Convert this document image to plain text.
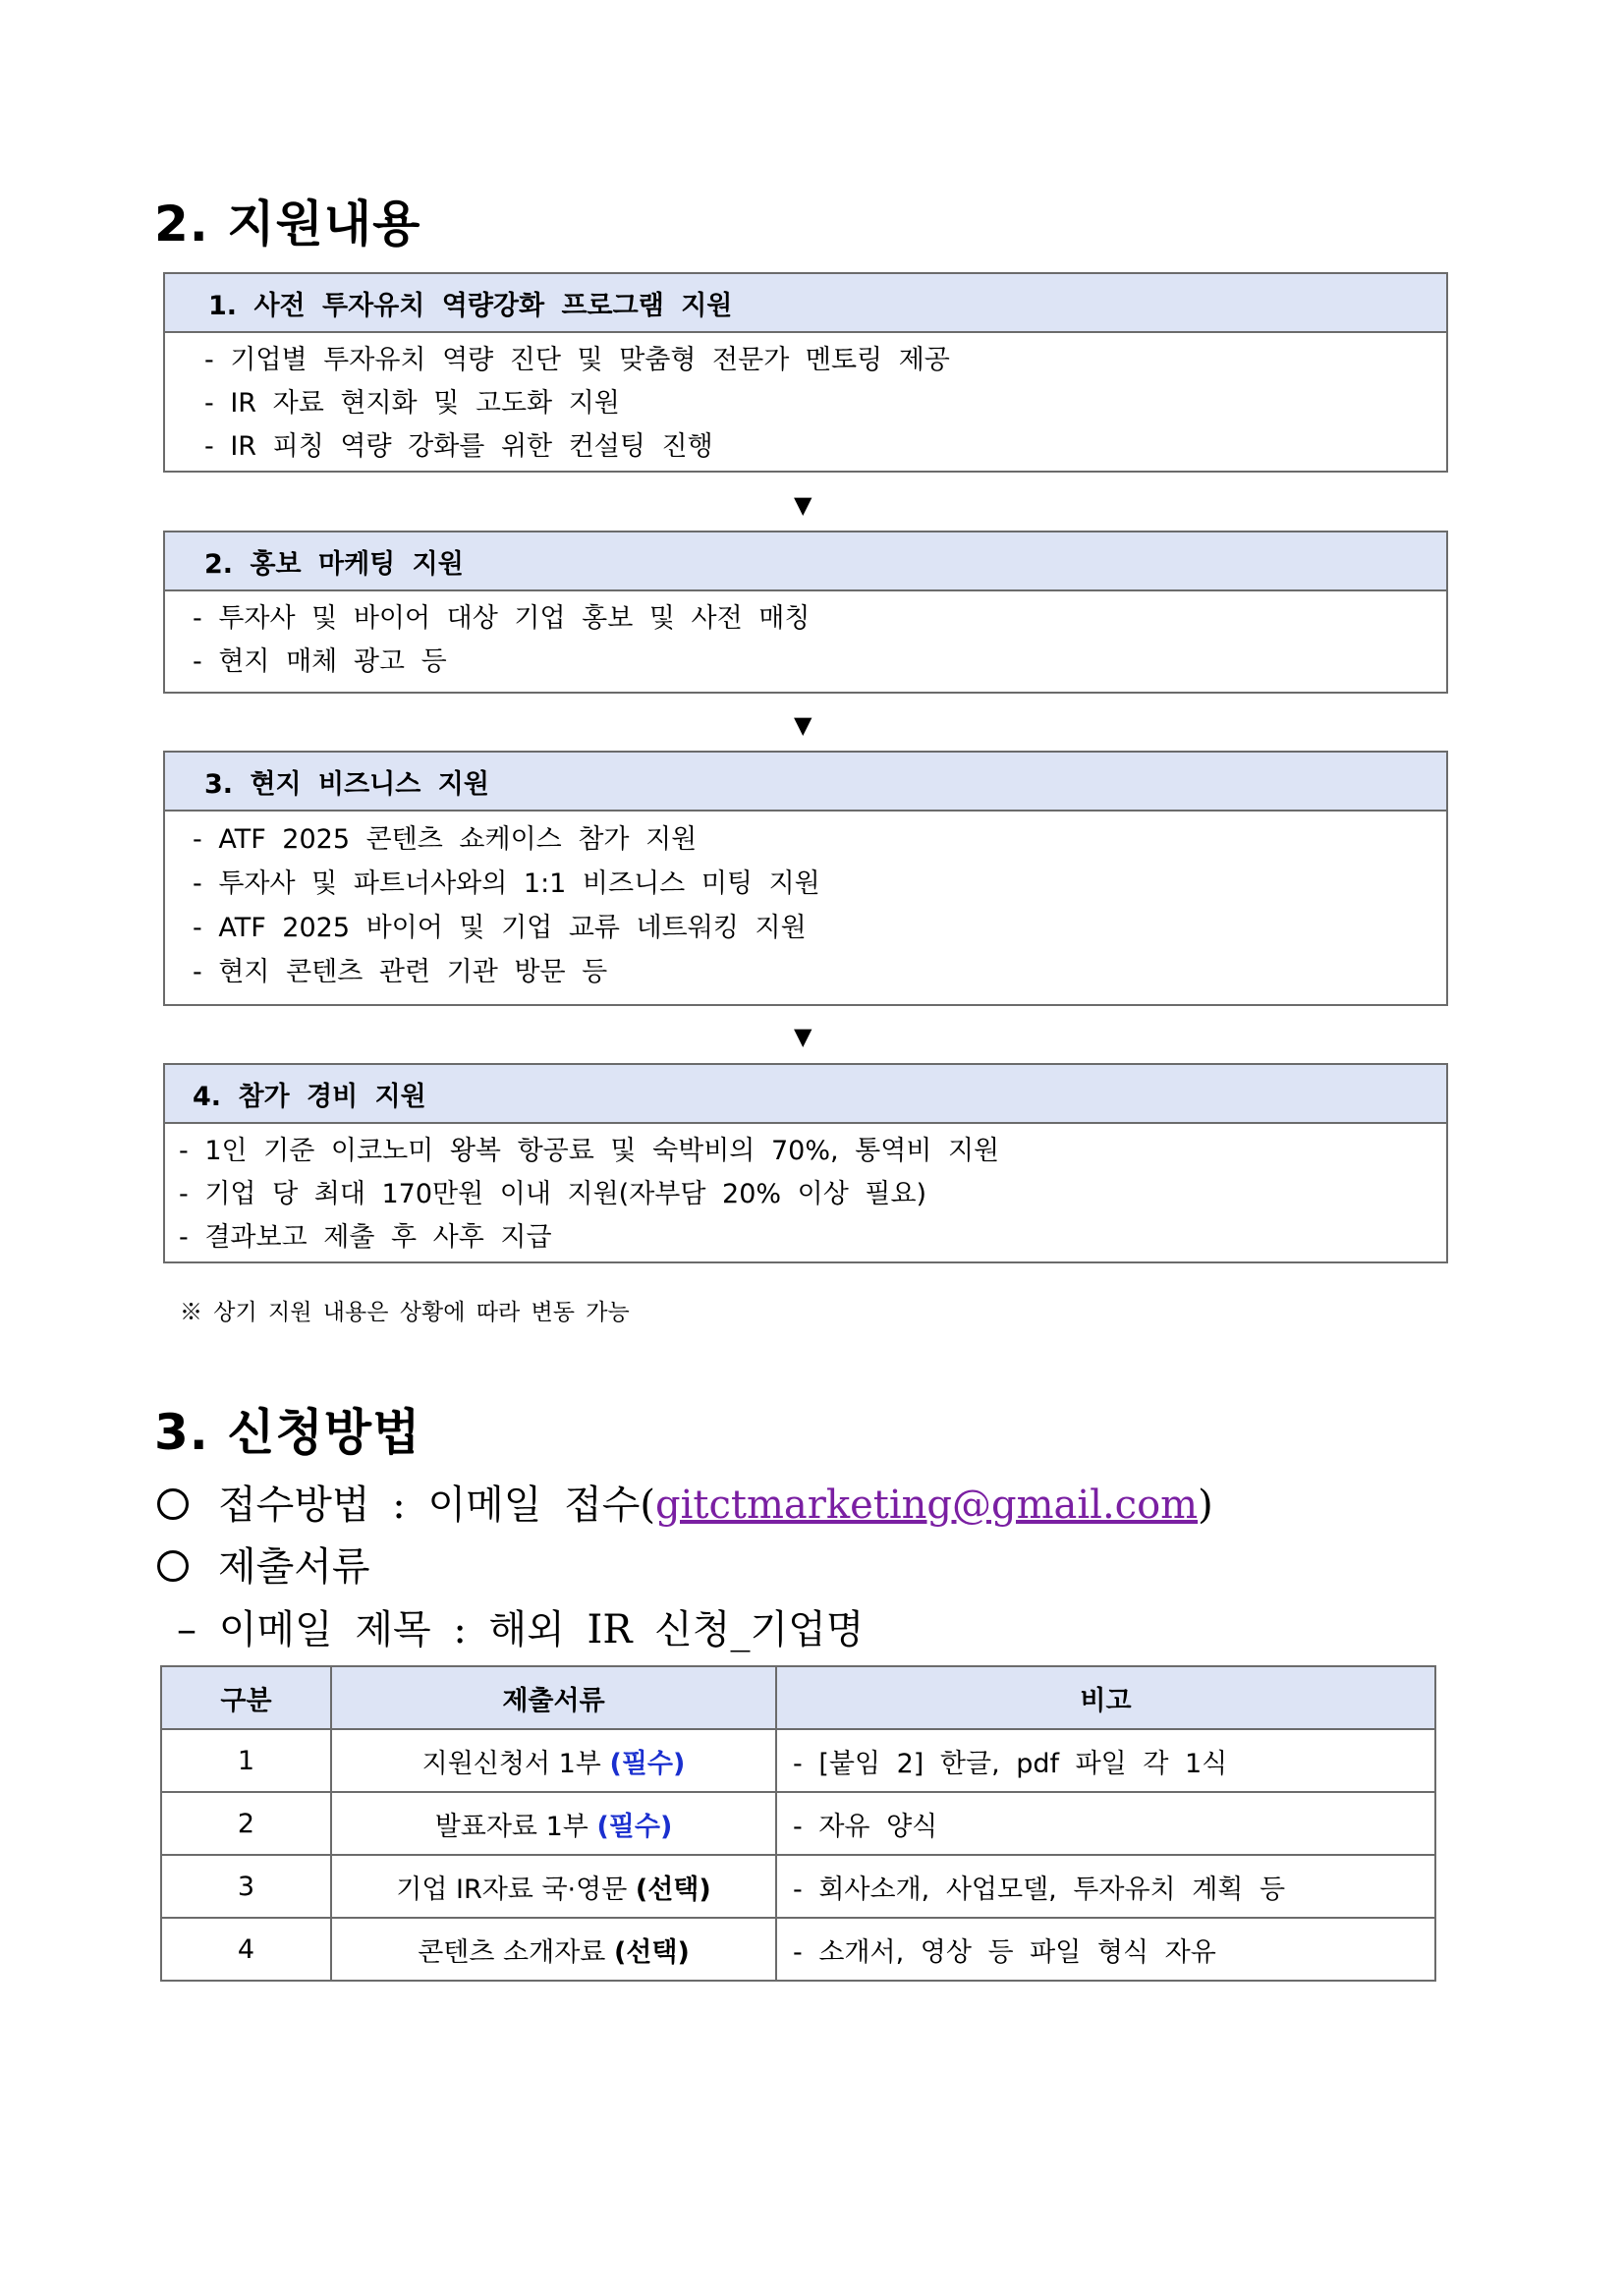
2. 지원내용
1. 사전 투자유치 역량강화 프로그램 지원
- 기업별 투자유치 역량 진단 및 맞춤형 전문가 멘토링 제공
- IR 자료 현지화 및 고도화 지원
- IR 피칭 역량 강화를 위한 컨설팅 진행
▼
2. 홍보 마케팅 지원
- 투자사 및 바이어 대상 기업 홍보 및 사전 매칭
- 현지 매체 광고 등
▼
3. 현지 비즈니스 지원
- ATF 2025 콘텐츠 쇼케이스 참가 지원
- 투자사 및 파트너사와의 1:1 비즈니스 미팅 지원
- ATF 2025 바이어 및 기업 교류 네트워킹 지원
- 현지 콘텐츠 관련 기관 방문 등
▼
4. 참가 경비 지원
- 1인 기준 이코노미 왕복 항공료 및 숙박비의 70%, 통역비 지원
- 기업 당 최대 170만원 이내 지원(자부담 20% 이상 필요)
- 결과보고 제출 후 사후 지급
※ 상기 지원 내용은 상황에 따라 변동 가능
3. 신청방법
접수방법 : 이메일 접수(gitctmarketing@gmail.com)
제출서류
– 이메일 제목 : 해외 IR 신청_기업명
구분	제출서류	비고
1	지원신청서 1부 (필수)	- [붙임 2] 한글, pdf 파일 각 1식
2	발표자료 1부 (필수)	- 자유 양식
3	기업 IR자료 국·영문 (선택)	- 회사소개, 사업모델, 투자유치 계획 등
4	콘텐츠 소개자료 (선택)	- 소개서, 영상 등 파일 형식 자유
